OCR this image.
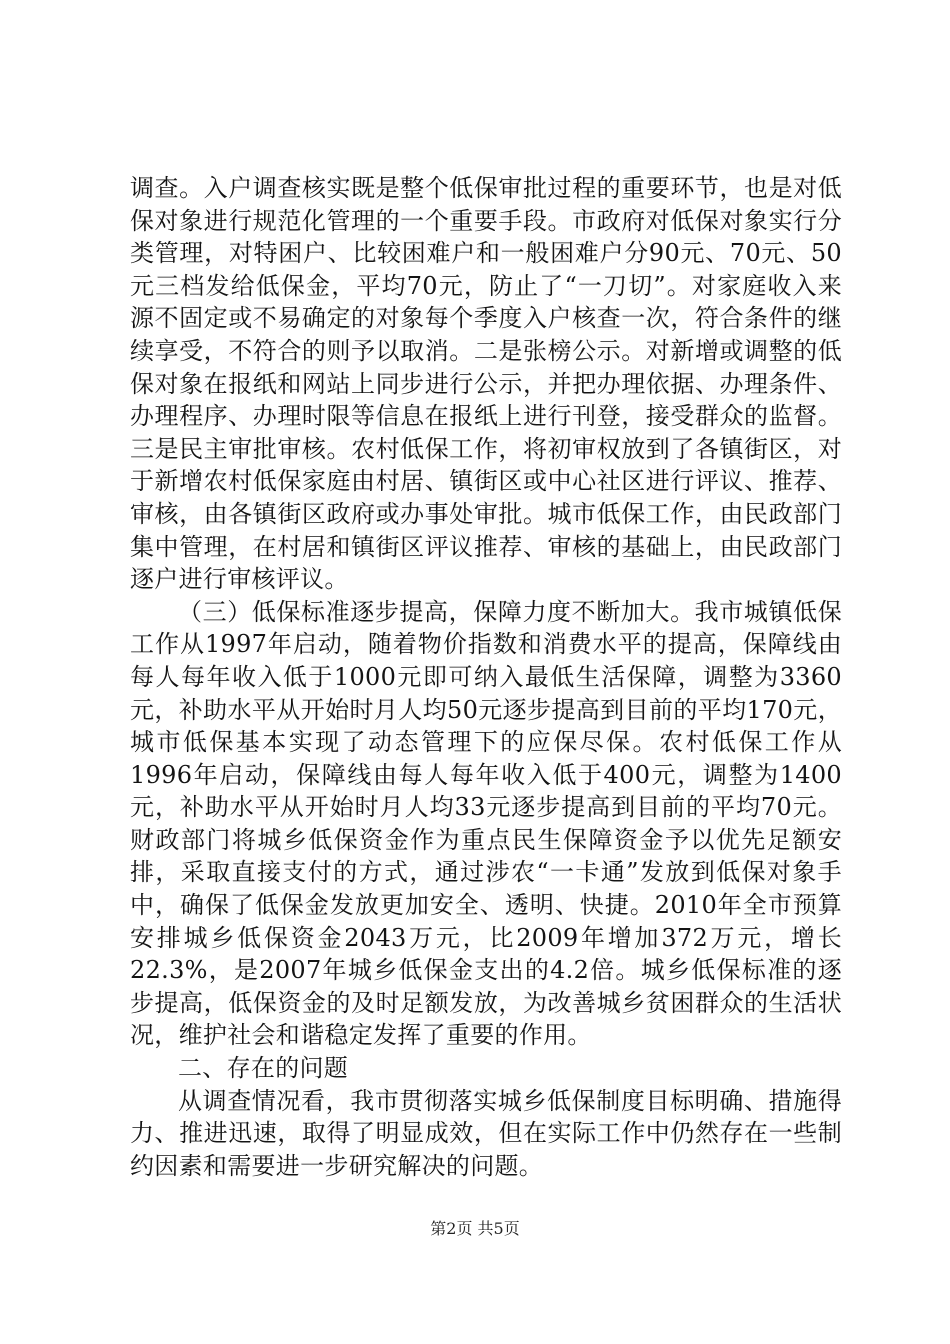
调查。入户调查核实既是整个低保审批过程的重要环节，也是对低保对象进行规范化管理的一个重要手段。市政府对低保对象实行分类管理，对特困户、比较困难户和一般困难户分90元、70元、50元三档发给低保金，平均70元，防止了“一刀切”。对家庭收入来源不固定或不易确定的对象每个季度入户核查一次，符合条件的继续享受，不符合的则予以取消。二是张榜公示。对新增或调整的低保对象在报纸和网站上同步进行公示，并把办理依据、办理条件、办理程序、办理时限等信息在报纸上进行刊登，接受群众的监督。三是民主审批审核。农村低保工作，将初审权放到了各镇街区，对于新增农村低保家庭由村居、镇街区或中心社区进行评议、推荐、审核，由各镇街区政府或办事处审批。城市低保工作，由民政部门集中管理，在村居和镇街区评议推荐、审核的基础上，由民政部门逐户进行审核评议。

（三）低保标准逐步提高，保障力度不断加大。我市城镇低保工作从1997年启动，随着物价指数和消费水平的提高，保障线由每人每年收入低于1000元即可纳入最低生活保障，调整为3360元，补助水平从开始时月人均50元逐步提高到目前的平均170元，城市低保基本实现了动态管理下的应保尽保。农村低保工作从1996年启动，保障线由每人每年收入低于400元，调整为1400元，补助水平从开始时月人均33元逐步提高到目前的平均70元。财政部门将城乡低保资金作为重点民生保障资金予以优先足额安排，采取直接支付的方式，通过涉农“一卡通”发放到低保对象手中，确保了低保金发放更加安全、透明、快捷。2010年全市预算安排城乡低保资金2043万元，比2009年增加372万元，增长22.3%，是2007年城乡低保金支出的4.2倍。城乡低保标准的逐步提高，低保资金的及时足额发放，为改善城乡贫困群众的生活状况，维护社会和谐稳定发挥了重要的作用。

二、存在的问题

从调查情况看，我市贯彻落实城乡低保制度目标明确、措施得力、推进迅速，取得了明显成效，但在实际工作中仍然存在一些制约因素和需要进一步研究解决的问题。

第2页 共5页
